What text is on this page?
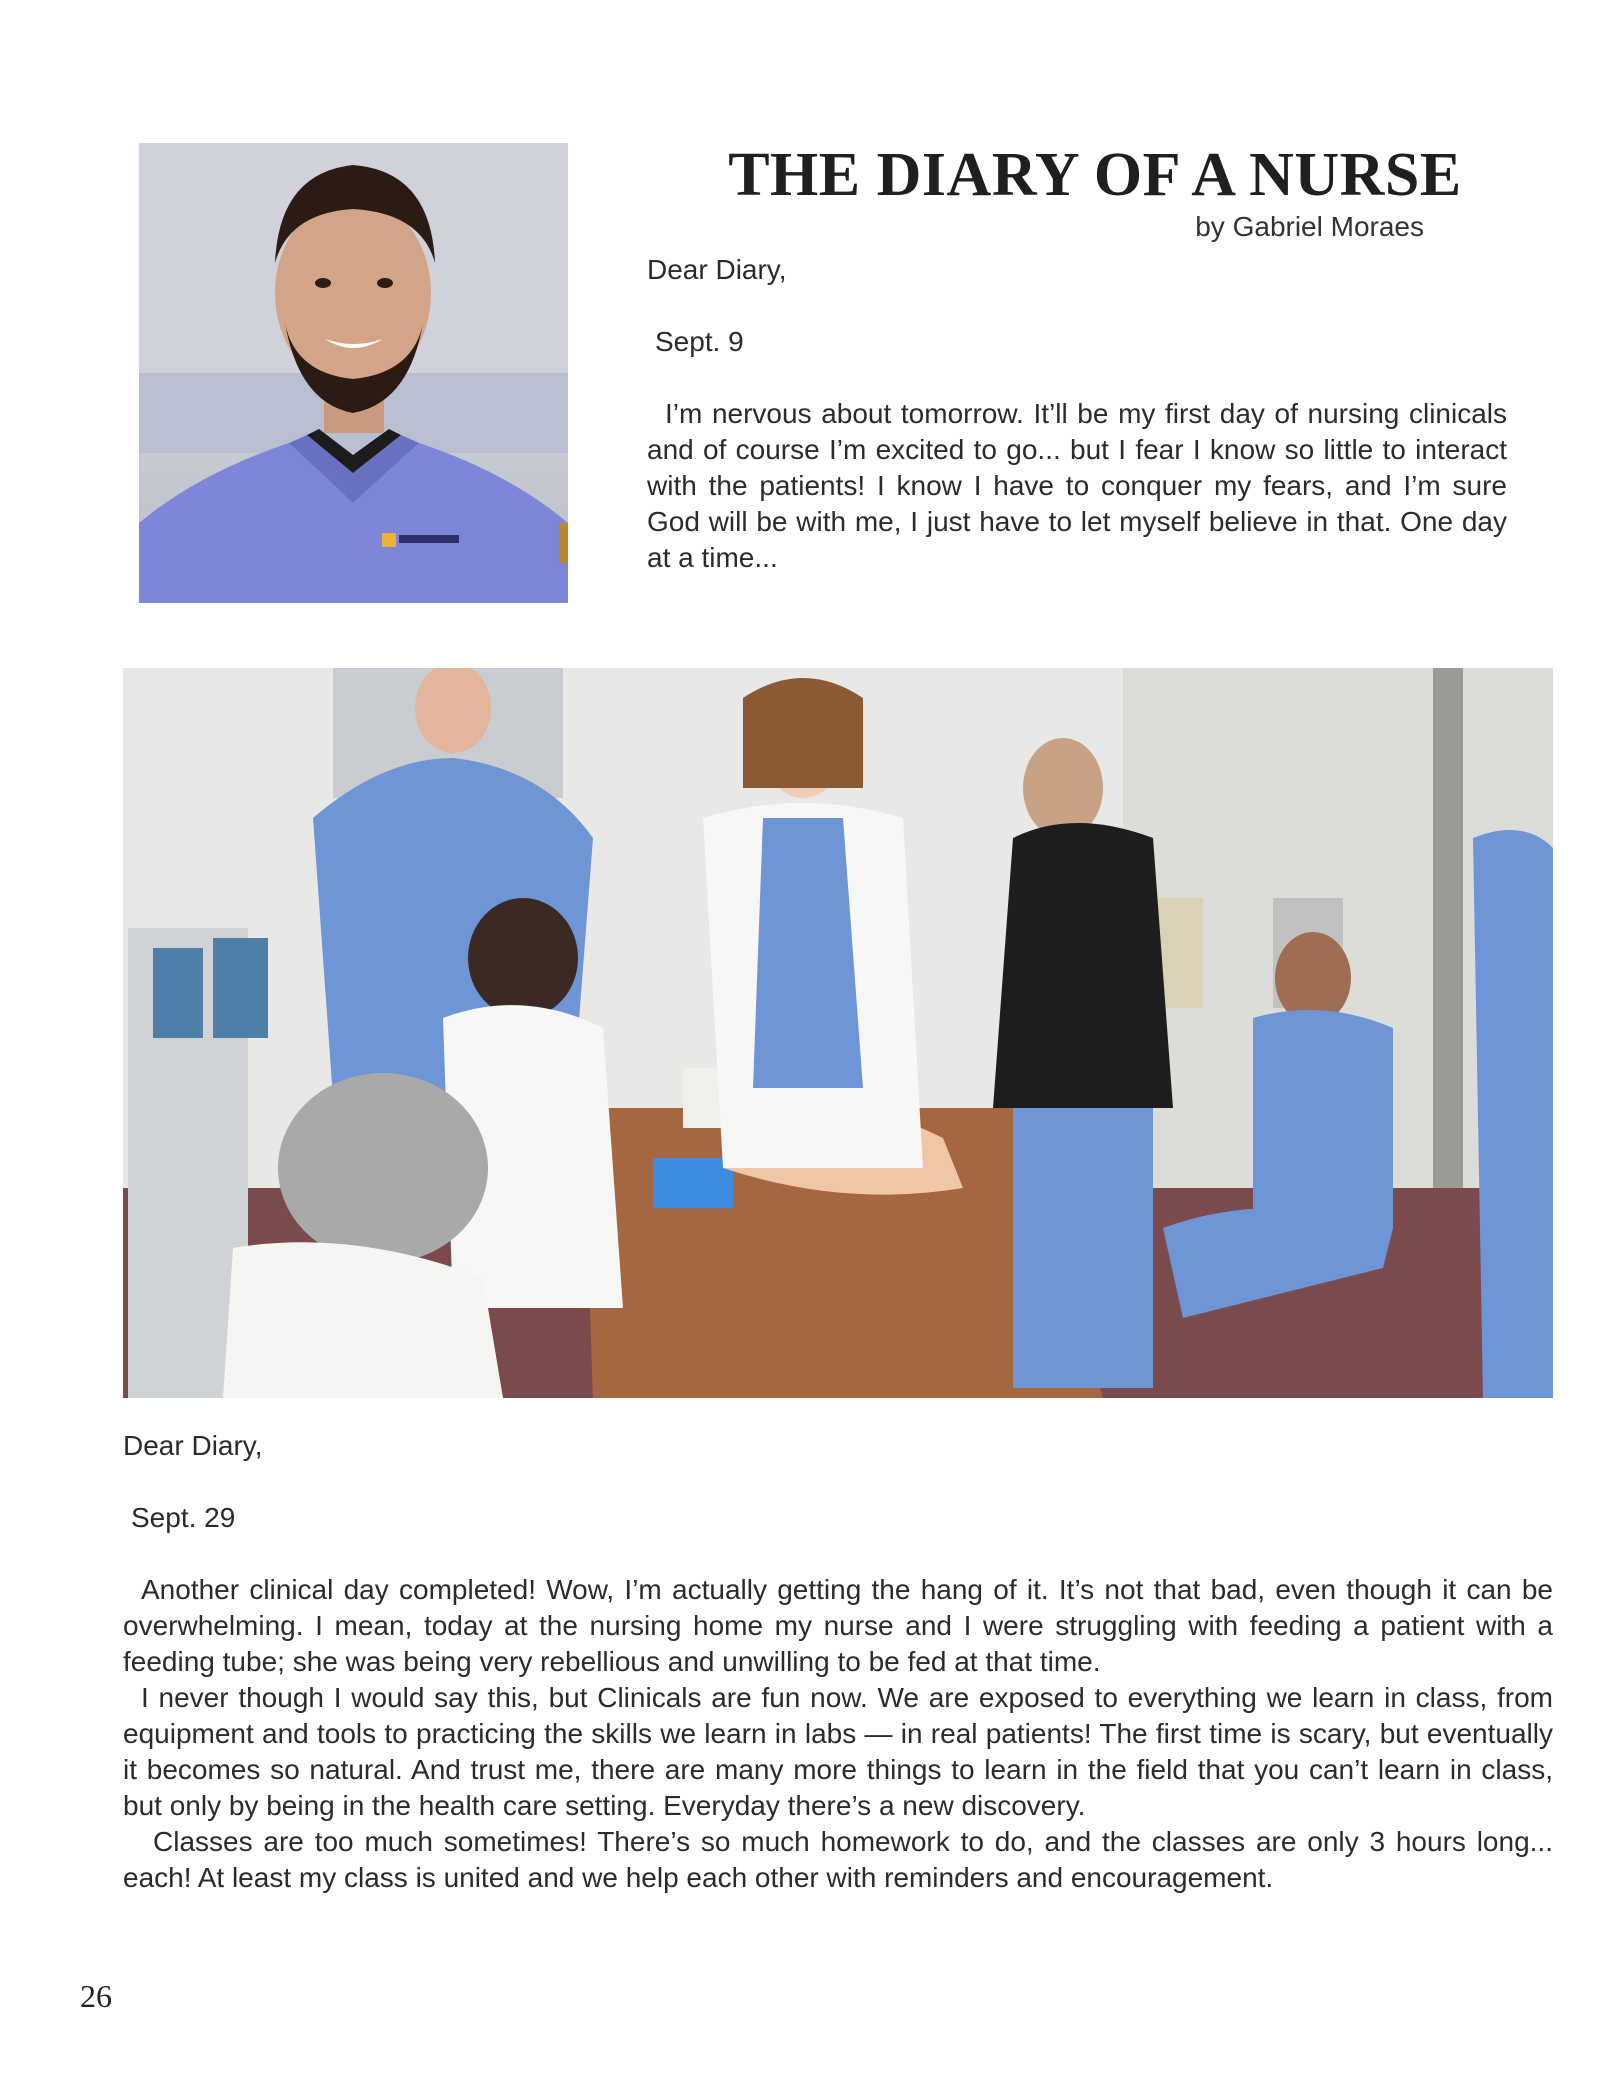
THE DIARY OF A NURSE

by Gabriel Moraes

Dear Diary,

Sept. 9

I’m nervous about tomorrow. It’ll be my first day of nursing clinicals and of course I’m excited to go... but I fear I know so little to interact with the patients! I know I have to conquer my fears, and I’m sure God will be with me, I just have to let myself believe in that. One day at a time...

Dear Diary,

Sept. 29

Another clinical day completed! Wow, I’m actually getting the hang of it. It’s not that bad, even though it can be overwhelming. I mean, today at the nursing home my nurse and I were struggling with feeding a patient with a feeding tube; she was being very rebellious and unwilling to be fed at that time.

I never though I would say this, but Clinicals are fun now. We are exposed to everything we learn in class, from equipment and tools to practicing the skills we learn in labs — in real patients! The first time is scary, but eventually it becomes so natural. And trust me, there are many more things to learn in the field that you can’t learn in class, but only by being in the health care setting. Everyday there’s a new discovery.

Classes are too much sometimes! There’s so much homework to do, and the classes are only 3 hours long... each! At least my class is united and we help each other with reminders and encouragement.

26
